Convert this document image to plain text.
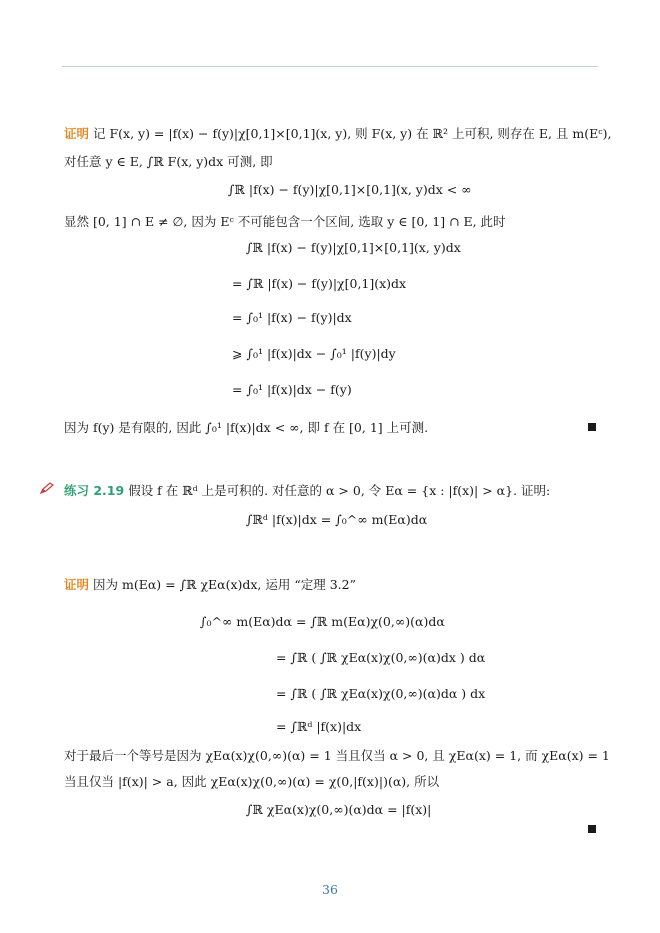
证明 记 F(x, y) = |f(x) − f(y)|χ[0,1]×[0,1](x, y), 则 F(x, y) 在 ℝ² 上可积, 则存在 E, 且 m(Eᶜ),
对任意 y ∈ E, ∫ℝ F(x, y)dx 可测, 即
∫ℝ |f(x) − f(y)|χ[0,1]×[0,1](x, y)dx < ∞
显然 [0, 1] ∩ E ≠ ∅, 因为 Eᶜ 不可能包含一个区间, 选取 y ∈ [0, 1] ∩ E, 此时
∫ℝ |f(x) − f(y)|χ[0,1]×[0,1](x, y)dx
= ∫ℝ |f(x) − f(y)|χ[0,1](x)dx
= ∫₀¹ |f(x) − f(y)|dx
⩾ ∫₀¹ |f(x)|dx − ∫₀¹ |f(y)|dy
= ∫₀¹ |f(x)|dx − f(y)
因为 f(y) 是有限的, 因此 ∫₀¹ |f(x)|dx < ∞, 即 f 在 [0, 1] 上可测.
练习 2.19 假设 f 在 ℝᵈ 上是可积的. 对任意的 α > 0, 令 Eα = {x : |f(x)| > α}. 证明:
∫ℝᵈ |f(x)|dx = ∫₀^∞ m(Eα)dα
证明 因为 m(Eα) = ∫ℝ χEα(x)dx, 运用 “定理 3.2”
∫₀^∞ m(Eα)dα = ∫ℝ m(Eα)χ(0,∞)(α)dα
= ∫ℝ ( ∫ℝ χEα(x)χ(0,∞)(α)dx ) dα
= ∫ℝ ( ∫ℝ χEα(x)χ(0,∞)(α)dα ) dx
= ∫ℝᵈ |f(x)|dx
对于最后一个等号是因为 χEα(x)χ(0,∞)(α) = 1 当且仅当 α > 0, 且 χEα(x) = 1, 而 χEα(x) = 1
当且仅当 |f(x)| > a, 因此 χEα(x)χ(0,∞)(α) = χ(0,|f(x)|)(α), 所以
∫ℝ χEα(x)χ(0,∞)(α)dα = |f(x)|
36
